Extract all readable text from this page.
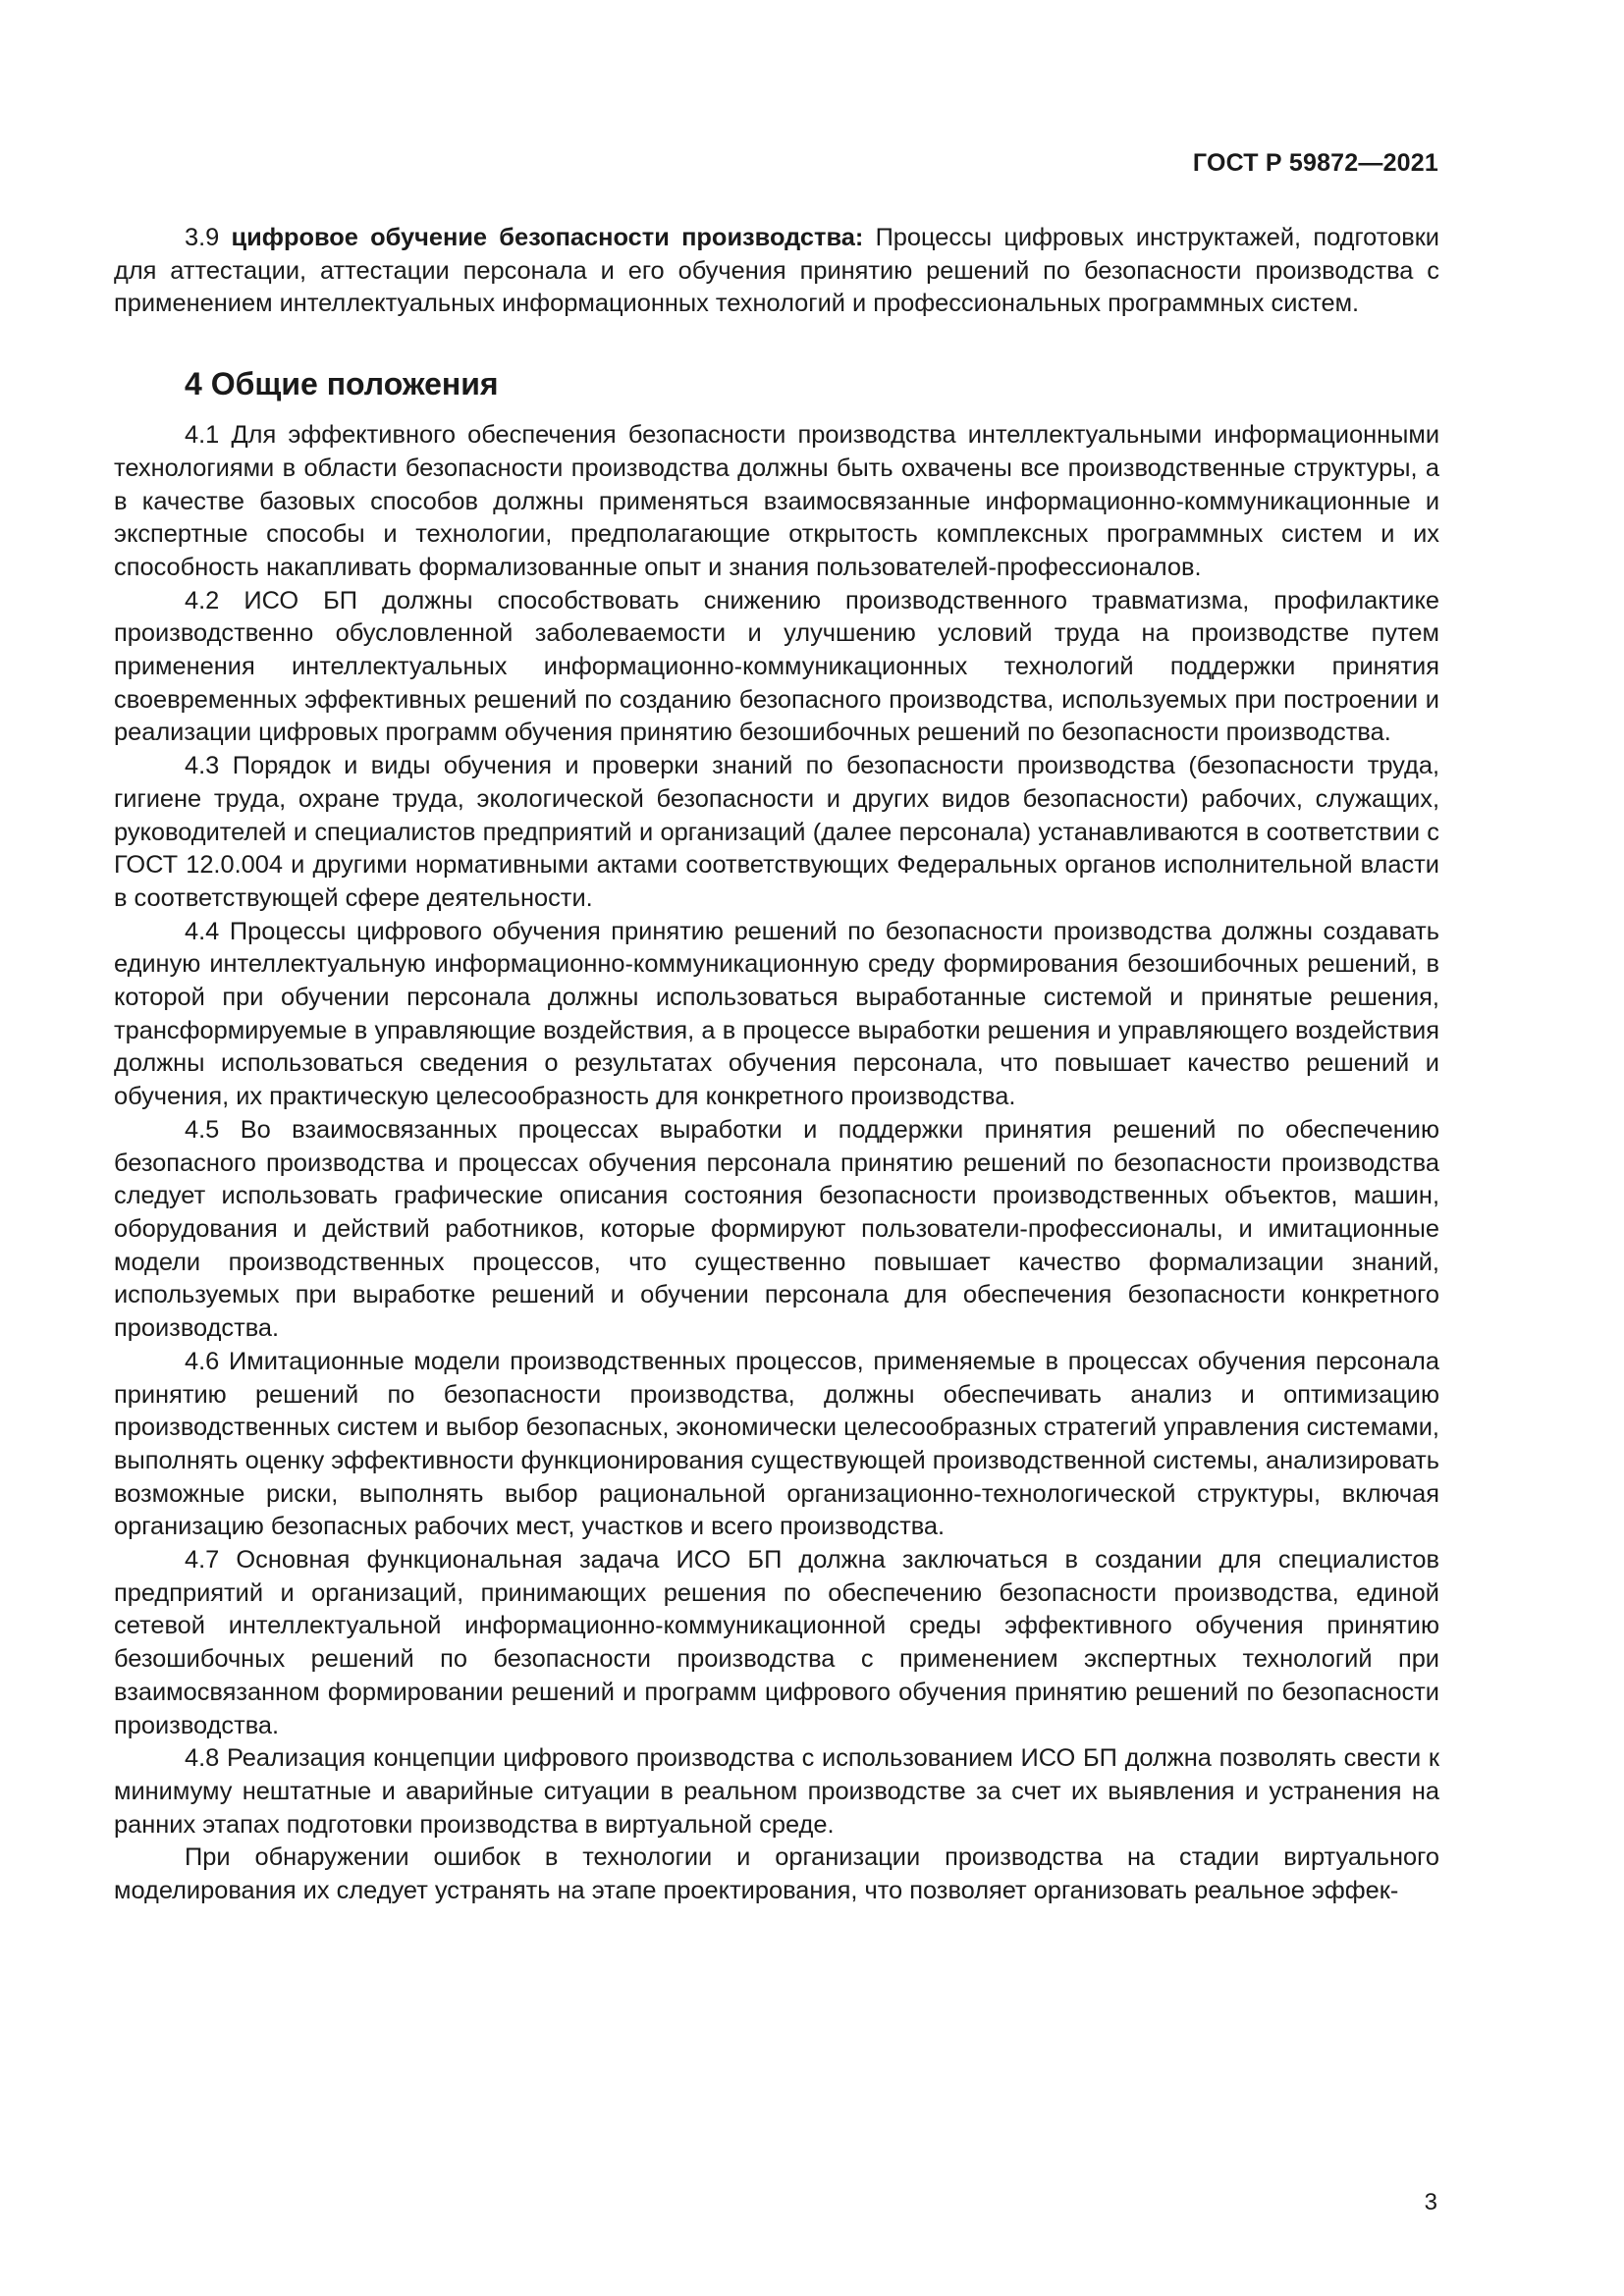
ГОСТ Р 59872—2021

3.9 цифровое обучение безопасности производства: Процессы цифровых инструктажей, подготовки для аттестации, аттестации персонала и его обучения принятию решений по безопасности производства с применением интеллектуальных информационных технологий и профессиональных программных систем.

4 Общие положения

4.1 Для эффективного обеспечения безопасности производства интеллектуальными информационными технологиями в области безопасности производства должны быть охвачены все производственные структуры, а в качестве базовых способов должны применяться взаимосвязанные информационно-коммуникационные и экспертные способы и технологии, предполагающие открытость комплексных программных систем и их способность накапливать формализованные опыт и знания пользователей-профессионалов.

4.2 ИСО БП должны способствовать снижению производственного травматизма, профилактике производственно обусловленной заболеваемости и улучшению условий труда на производстве путем применения интеллектуальных информационно-коммуникационных технологий поддержки принятия своевременных эффективных решений по созданию безопасного производства, используемых при построении и реализации цифровых программ обучения принятию безошибочных решений по безопасности производства.

4.3 Порядок и виды обучения и проверки знаний по безопасности производства (безопасности труда, гигиене труда, охране труда, экологической безопасности и других видов безопасности) рабочих, служащих, руководителей и специалистов предприятий и организаций (далее персонала) устанавливаются в соответствии с ГОСТ 12.0.004 и другими нормативными актами соответствующих Федеральных органов исполнительной власти в соответствующей сфере деятельности.

4.4 Процессы цифрового обучения принятию решений по безопасности производства должны создавать единую интеллектуальную информационно-коммуникационную среду формирования безошибочных решений, в которой при обучении персонала должны использоваться выработанные системой и принятые решения, трансформируемые в управляющие воздействия, а в процессе выработки решения и управляющего воздействия должны использоваться сведения о результатах обучения персонала, что повышает качество решений и обучения, их практическую целесообразность для конкретного производства.

4.5 Во взаимосвязанных процессах выработки и поддержки принятия решений по обеспечению безопасного производства и процессах обучения персонала принятию решений по безопасности производства следует использовать графические описания состояния безопасности производственных объектов, машин, оборудования и действий работников, которые формируют пользователи-профессионалы, и имитационные модели производственных процессов, что существенно повышает качество формализации знаний, используемых при выработке решений и обучении персонала для обеспечения безопасности конкретного производства.

4.6 Имитационные модели производственных процессов, применяемые в процессах обучения персонала принятию решений по безопасности производства, должны обеспечивать анализ и оптимизацию производственных систем и выбор безопасных, экономически целесообразных стратегий управления системами, выполнять оценку эффективности функционирования существующей производственной системы, анализировать возможные риски, выполнять выбор рациональной организационно-технологической структуры, включая организацию безопасных рабочих мест, участков и всего производства.

4.7 Основная функциональная задача ИСО БП должна заключаться в создании для специалистов предприятий и организаций, принимающих решения по обеспечению безопасности производства, единой сетевой интеллектуальной информационно-коммуникационной среды эффективного обучения принятию безошибочных решений по безопасности производства с применением экспертных технологий при взаимосвязанном формировании решений и программ цифрового обучения принятию решений по безопасности производства.

4.8 Реализация концепции цифрового производства с использованием ИСО БП должна позволять свести к минимуму нештатные и аварийные ситуации в реальном производстве за счет их выявления и устранения на ранних этапах подготовки производства в виртуальной среде.

При обнаружении ошибок в технологии и организации производства на стадии виртуального моделирования их следует устранять на этапе проектирования, что позволяет организовать реальное эффек-

3
